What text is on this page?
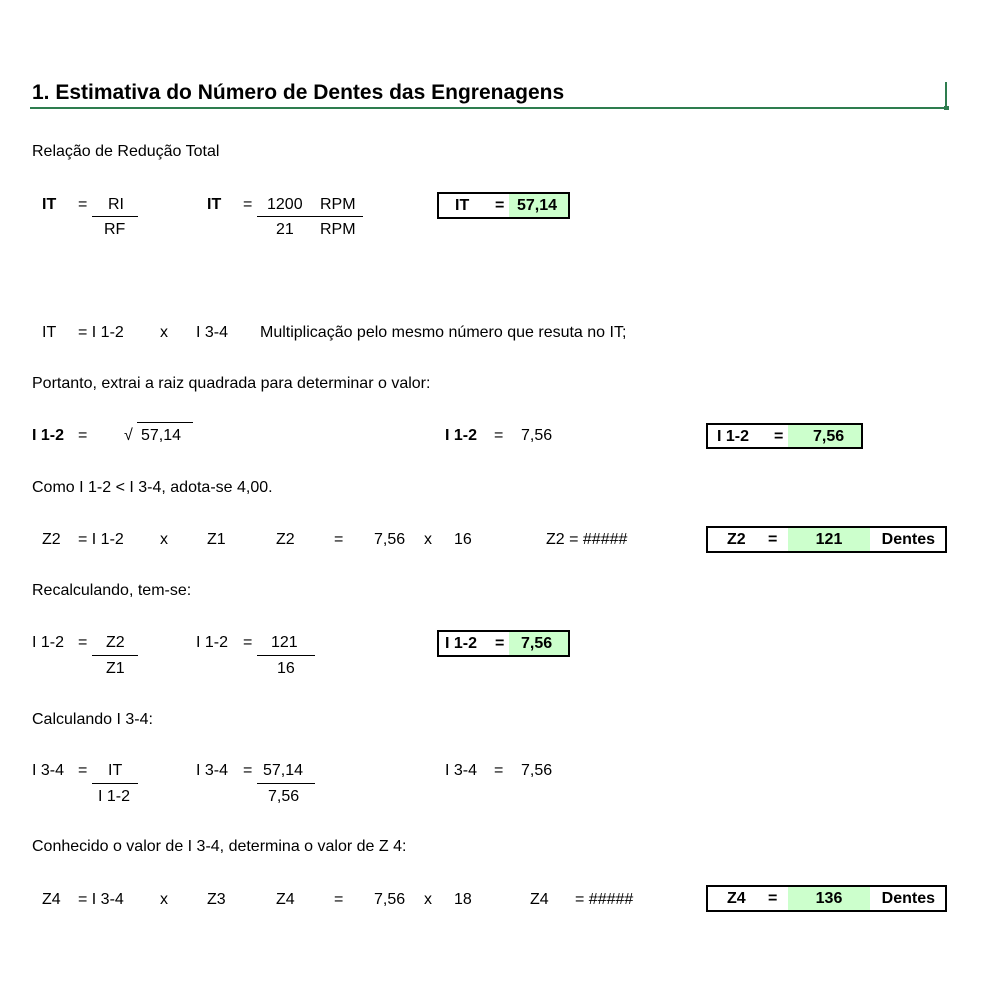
1. Estimativa do Número de Dentes das Engrenagens
Relação de Redução Total
IT = RI
RF
IT = 1200 RPM
21 RPM
IT = 57,14
IT = I 1-2 x I 3-4 Multiplicação pelo mesmo número que resuta no IT;
Portanto, extrai a raiz quadrada para determinar o valor:
I 1-2 = √ 57,14	I 1-2 = 7,56	I 1-2 =	7,56
Como I 1-2 < I 3-4, adota-se 4,00.
Z2 = I 1-2 x Z1	Z2 = 7,56 x 16	Z2 = #####	Z2 =	121	Dentes
Recalculando, tem-se:
I 1-2 = Z2
Z1
I 1-2 = 121
16
I 1-2 =	7,56
Calculando I 3-4:
I 3-4 = IT
I 1-2
I 3-4 = 57,14
7,56
I 3-4 = 7,56
Conhecido o valor de I 3-4, determina o valor de Z 4:
Z4 = I 3-4 x Z3	Z4 = 7,56 x 18	Z4 = #####	Z4 =	136	Dentes
